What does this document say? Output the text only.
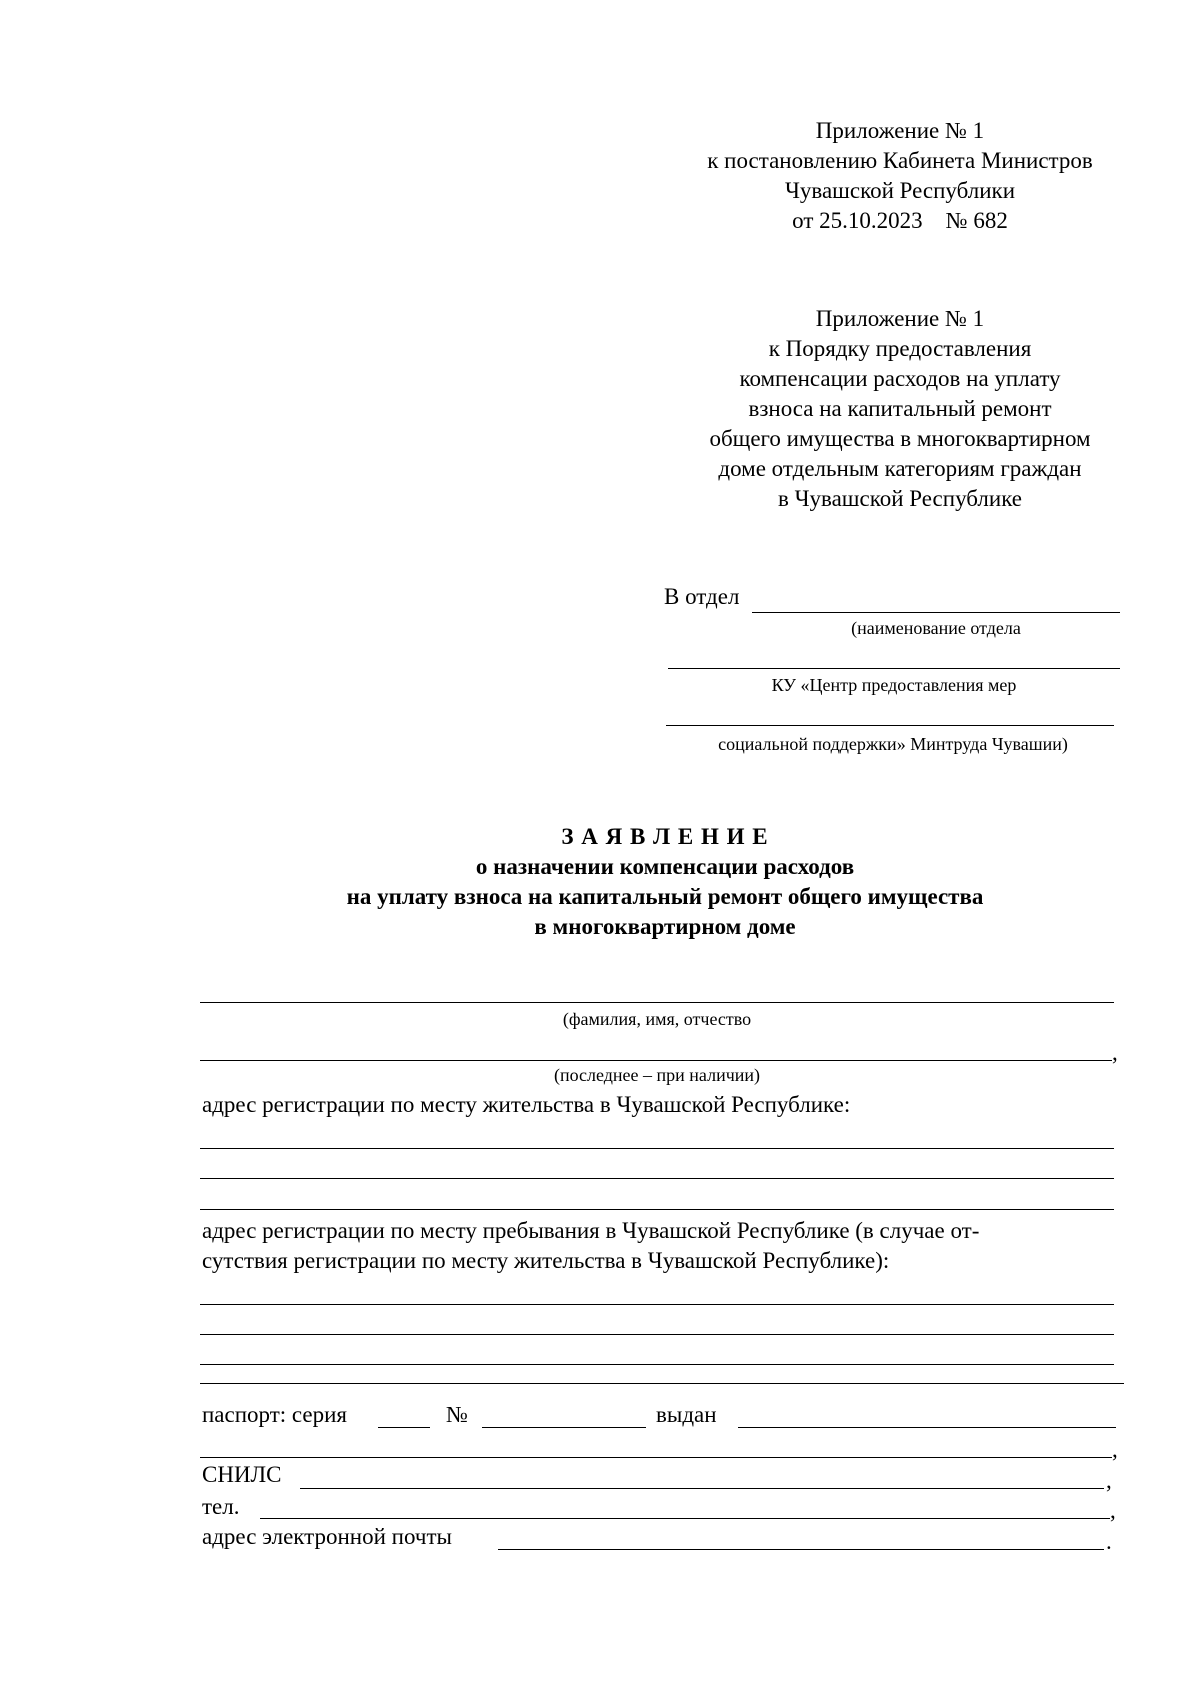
Приложение № 1
к постановлению Кабинета Министров
Чувашской Республики
от 25.10.2023    № 682
Приложение № 1
к Порядку предоставления
компенсации расходов на уплату
взноса на капитальный ремонт
общего имущества в многоквартирном
доме отдельным категориям граждан
в Чувашской Республике
В отдел
(наименование отдела
КУ «Центр предоставления мер
социальной поддержки» Минтруда Чувашии)
З А Я В Л Е Н И Е
о назначении компенсации расходов
на уплату взноса на капитальный ремонт общего имущества
в многоквартирном доме
(фамилия, имя, отчество
,
(последнее – при наличии)
адрес регистрации по месту жительства в Чувашской Республике:
адрес регистрации по месту пребывания в Чувашской Республике (в случае от-
сутствия регистрации по месту жительства в Чувашской Республике):
паспорт: серия	№	выдан
,
СНИЛС	,
тел.	,
адрес электронной почты	.
